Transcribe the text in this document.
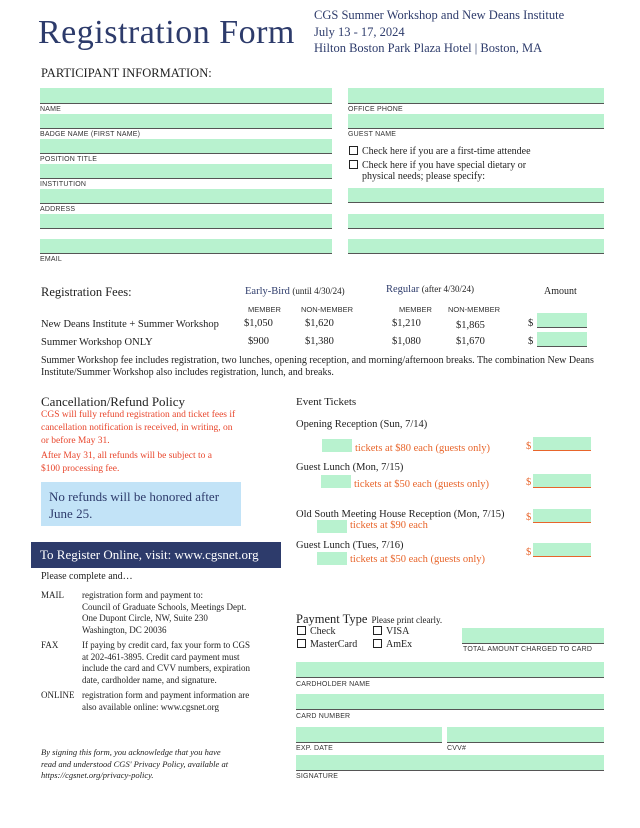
Registration Form CGS Summer Workshop and New Deans Institute
July 13 - 17, 2024
Hilton Boston Park Plaza Hotel | Boston, MA
PARTICIPANT INFORMATION:
NAME
BADGE NAME (FIRST NAME)
POSITION TITLE
INSTITUTION
ADDRESS
EMAIL
OFFICE PHONE
GUEST NAME
Check here if you are a first-time attendee
Check here if you have special dietary or
physical needs; please specify:
Registration Fees:	Early-Bird (until 4/30/24)	Regular (after 4/30/24)	Amount
MEMBER	NON-MEMBER	MEMBER NON-MEMBER
New Deans Institute + Summer Workshop $1,050	$1,620	$1,210	$1,865	$
Summer Workshop ONLY	$900	$1,380	$1,080	$1,670	$
Summer Workshop fee includes registration, two lunches, opening reception, and morning/afternoon breaks. The combination New Deans Institute/Summer Workshop also includes registration, lunch, and breaks.
Cancellation/Refund Policy
CGS will fully refund registration and ticket fees if cancellation notification is received, in writing, on or before May 31.
After May 31, all refunds will be subject to a $100 processing fee.
No refunds will be honored after June 25.
To Register Online, visit: www.cgsnet.org
Please complete and…
MAIL registration form and payment to:
Council of Graduate Schools, Meetings Dept.
One Dupont Circle, NW, Suite 230
Washington, DC 20036
FAX	If paying by credit card, fax your form to CGS
at 202-461-3895. Credit card payment must
include the card and CVV numbers, expiration
date, cardholder name, and signature.
ONLINE registration form and payment information are
also available online: www.cgsnet.org
By signing this form, you acknowledge that you have
read and understood CGS' Privacy Policy, available at
https://cgsnet.org/privacy-policy.
Event Tickets
Opening Reception (Sun, 7/14)
tickets at $80 each (guests only)	$
Guest Lunch (Mon, 7/15)
tickets at $50 each (guests only)	$
Old South Meeting House Reception (Mon, 7/15)
tickets at $90 each
$
Guest Lunch (Tues, 7/16)
tickets at $50 each (guests only)
$
Payment Type Please print clearly.
Check	VISA
MasterCard	AmEx	TOTAL AMOUNT CHARGED TO CARD
CARDHOLDER NAME
CARD NUMBER
EXP. DATE	CVV#
SIGNATURE
